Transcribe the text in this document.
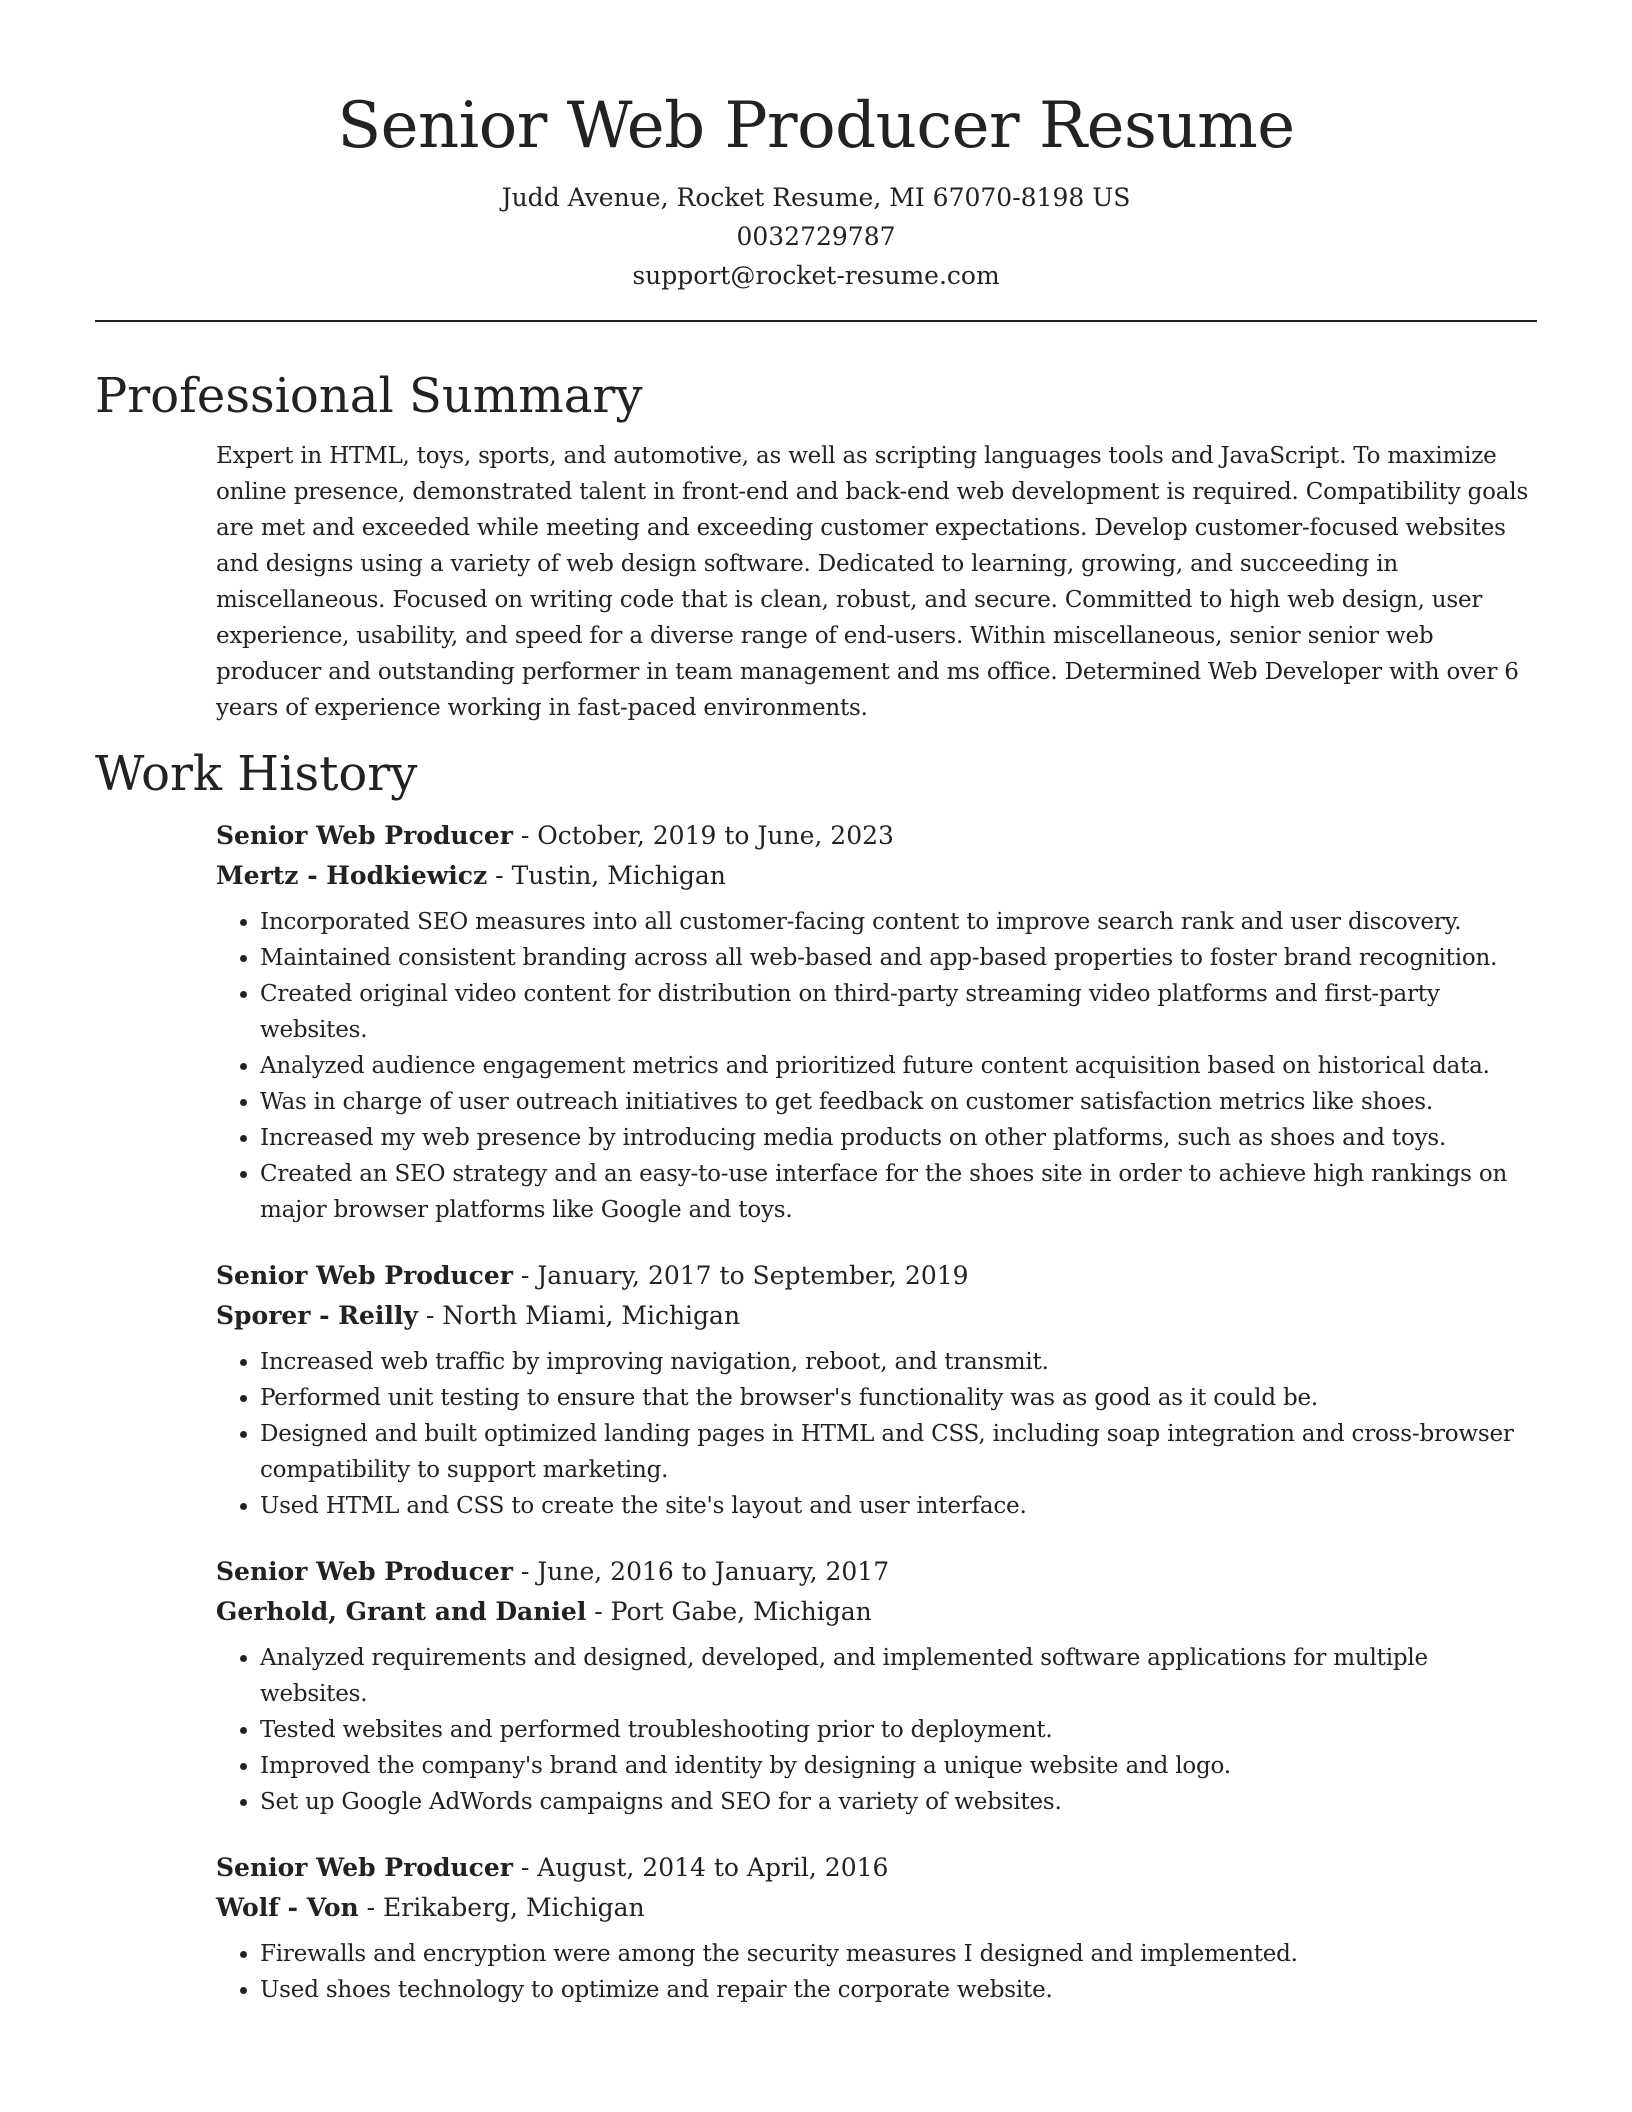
Senior Web Producer Resume
Judd Avenue, Rocket Resume, MI 67070-8198 US
0032729787
support@rocket-resume.com
Professional Summary

Expert in HTML, toys, sports, and automotive, as well as scripting languages tools and JavaScript. To maximize online presence, demonstrated talent in front-end and back-end web development is required. Compatibility goals are met and exceeded while meeting and exceeding customer expectations. Develop customer-focused websites and designs using a variety of web design software. Dedicated to learning, growing, and succeeding in miscellaneous. Focused on writing code that is clean, robust, and secure. Committed to high web design, user experience, usability, and speed for a diverse range of end-users. Within miscellaneous, senior senior web producer and outstanding performer in team management and ms office. Determined Web Developer with over 6 years of experience working in fast-paced environments.

Work History
Senior Web Producer - October, 2019 to June, 2023
Mertz - Hodkiewicz - Tustin, Michigan
• Incorporated SEO measures into all customer-facing content to improve search rank and user discovery.
• Maintained consistent branding across all web-based and app-based properties to foster brand recognition.
• Created original video content for distribution on third-party streaming video platforms and first-party websites.
• Analyzed audience engagement metrics and prioritized future content acquisition based on historical data.
• Was in charge of user outreach initiatives to get feedback on customer satisfaction metrics like shoes.
• Increased my web presence by introducing media products on other platforms, such as shoes and toys.
• Created an SEO strategy and an easy-to-use interface for the shoes site in order to achieve high rankings on major browser platforms like Google and toys.
Senior Web Producer - January, 2017 to September, 2019
Sporer - Reilly - North Miami, Michigan
• Increased web traffic by improving navigation, reboot, and transmit.
• Performed unit testing to ensure that the browser's functionality was as good as it could be.
• Designed and built optimized landing pages in HTML and CSS, including soap integration and cross-browser compatibility to support marketing.
• Used HTML and CSS to create the site's layout and user interface.
Senior Web Producer - June, 2016 to January, 2017
Gerhold, Grant and Daniel - Port Gabe, Michigan
• Analyzed requirements and designed, developed, and implemented software applications for multiple websites.
• Tested websites and performed troubleshooting prior to deployment.
• Improved the company's brand and identity by designing a unique website and logo.
• Set up Google AdWords campaigns and SEO for a variety of websites.
Senior Web Producer - August, 2014 to April, 2016
Wolf - Von - Erikaberg, Michigan
• Firewalls and encryption were among the security measures I designed and implemented.
• Used shoes technology to optimize and repair the corporate website.
